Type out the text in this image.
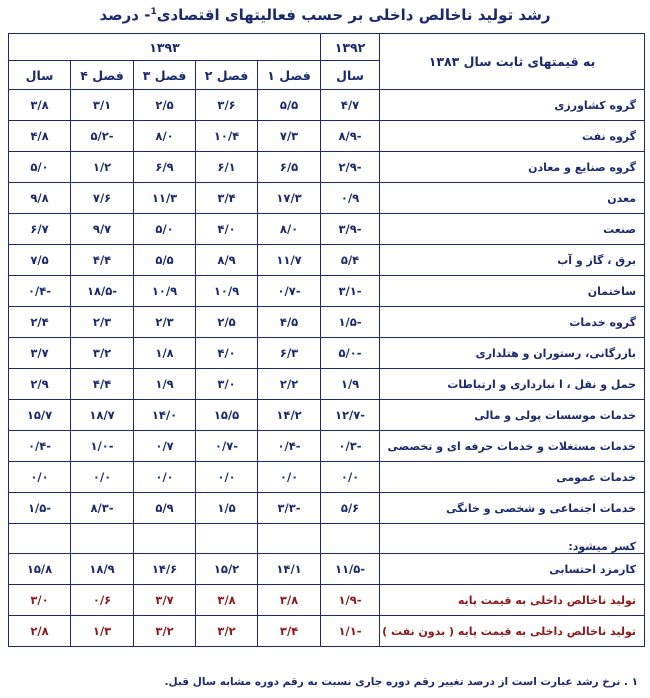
رشد تولید ناخالص داخلی بر حسب فعالیتهای اقتصادی$^1$- درصد
به قیمتهای ثابت سال ۱۳۸۳	۱۳۹۲	۱۳۹۳				
	سال	فصل ۱	فصل ۲	فصل ۳	فصل ۴	سال
گروه کشاورزی	۴/۷	۵/۵	۳/۶	۲/۵	۳/۱	۳/۸
گروه نفت	-۸/۹	۷/۳	۱۰/۴	۸/۰	-۵/۲	۴/۸
گروه صنایع و معادن	-۲/۹	۶/۵	۶/۱	۶/۹	۱/۲	۵/۰
معدن	۰/۹	۱۷/۳	۳/۴	۱۱/۳	۷/۶	۹/۸
صنعت	-۳/۹	۸/۰	۴/۰	۵/۰	۹/۷	۶/۷
برق ، گاز و آب	۵/۴	۱۱/۷	۸/۹	۵/۵	۴/۴	۷/۵
ساختمان	-۳/۱	-۰/۷	۱۰/۹	۱۰/۹	-۱۸/۵	-۰/۴
گروه خدمات	-۱/۵	۴/۵	۲/۵	۲/۳	۲/۳	۲/۴
بازرگانی، رستوران و هتلداری	-۵/۰	۶/۳	۴/۰	۱/۸	۳/۲	۳/۷
حمل و نقل ، ا نبارداری و ارتباطات	۱/۹	۲/۲	۳/۰	۱/۹	۴/۴	۲/۹
خدمات موسسات پولی و مالی	-۱۲/۷	۱۴/۲	۱۵/۵	۱۴/۰	۱۸/۷	۱۵/۷
خدمات مستغلات و خدمات حرفه ای و تخصصی	-۰/۳	-۰/۴	-۰/۷	۰/۷	-۱/۰	-۰/۴
خدمات عمومی	۰/۰	۰/۰	۰/۰	۰/۰	۰/۰	۰/۰
خدمات اجتماعی و شخصی و خانگی	۵/۶	-۳/۳	۱/۵	۵/۹	-۸/۳	-۱/۵
کسر میشود:						
کارمزد احتسابی	-۱۱/۵	۱۴/۱	۱۵/۲	۱۴/۶	۱۸/۹	۱۵/۸
تولید ناخالص داخلی به قیمت پایه	-۱/۹	۳/۸	۳/۸	۳/۷	۰/۶	۳/۰
تولید ناخالص داخلی به قیمت پایه ( بدون نفت )	-۱/۱	۳/۴	۳/۲	۳/۲	۱/۳	۲/۸
۱ . نرخ رشد عبارت است از درصد تغییر رقم دوره جاری نسبت به رقم دوره مشابه سال قبل.
